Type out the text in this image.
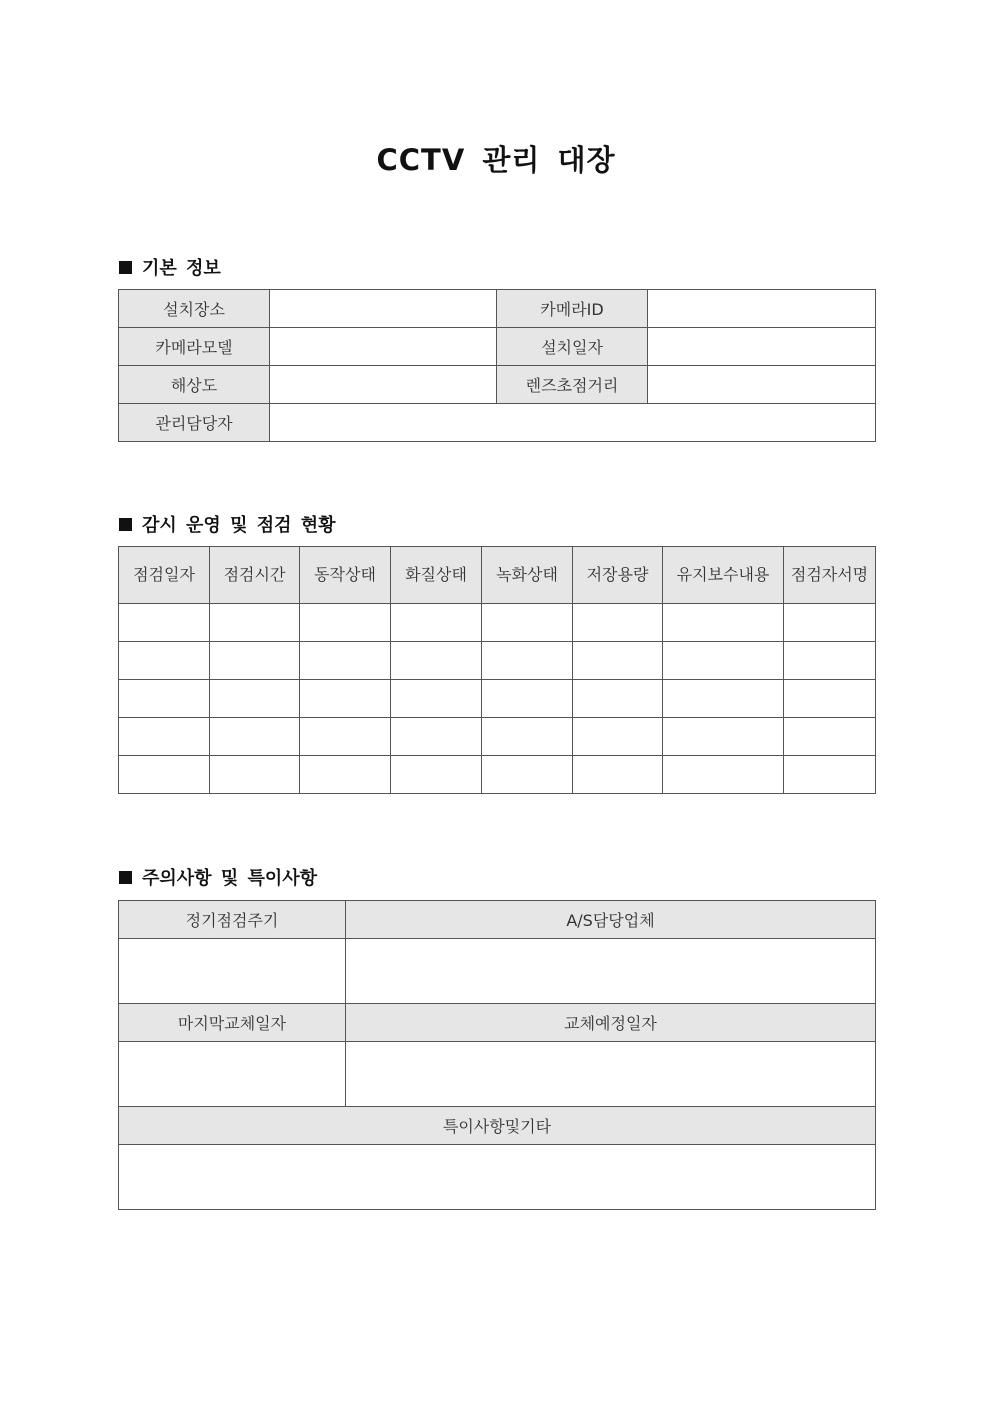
CCTV 관리 대장
기본 정보
설치장소		카메라ID	
카메라모델		설치일자	
해상도		렌즈초점거리	
관리담당자			
감시 운영 및 점검 현황
점검일자	점검시간	동작상태	화질상태	녹화상태	저장용량	유지보수내용	점검자서명

주의사항 및 특이사항
정기점검주기	A/S담당업체

마지막교체일자	교체예정일자

특이사항및기타	
